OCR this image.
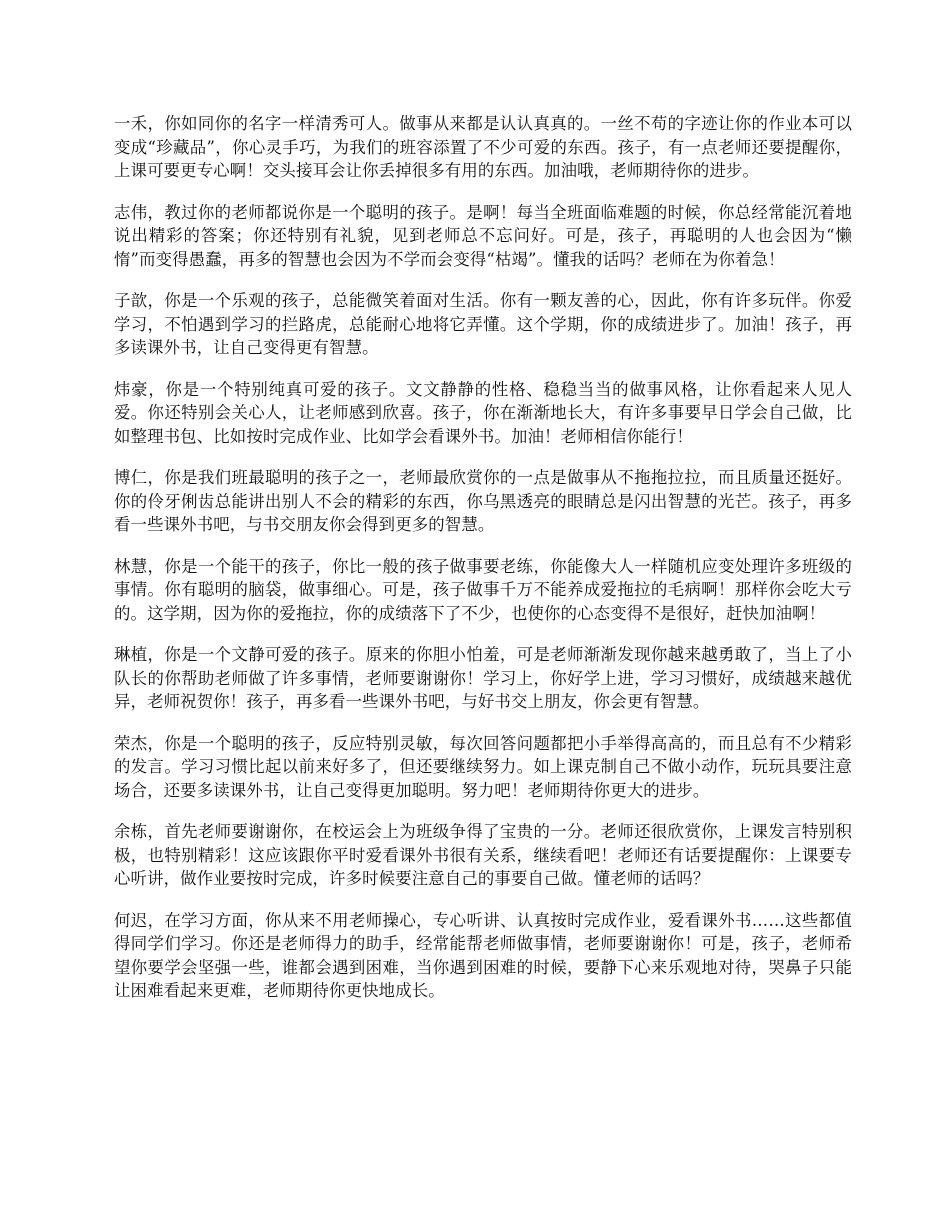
一禾，你如同你的名字一样清秀可人。做事从来都是认认真真的。一丝不苟的字迹让你的作业本可以变成“珍藏品”，你心灵手巧，为我们的班容添置了不少可爱的东西。孩子，有一点老师还要提醒你，上课可要更专心啊！交头接耳会让你丢掉很多有用的东西。加油哦，老师期待你的进步。

志伟，教过你的老师都说你是一个聪明的孩子。是啊！每当全班面临难题的时候，你总经常能沉着地说出精彩的答案；你还特别有礼貌，见到老师总不忘问好。可是，孩子，再聪明的人也会因为“懒惰”而变得愚蠢，再多的智慧也会因为不学而会变得“枯竭”。懂我的话吗？老师在为你着急！

子歆，你是一个乐观的孩子，总能微笑着面对生活。你有一颗友善的心，因此，你有许多玩伴。你爱学习，不怕遇到学习的拦路虎，总能耐心地将它弄懂。这个学期，你的成绩进步了。加油！孩子，再多读课外书，让自己变得更有智慧。

炜豪，你是一个特别纯真可爱的孩子。文文静静的性格、稳稳当当的做事风格，让你看起来人见人爱。你还特别会关心人，让老师感到欣喜。孩子，你在渐渐地长大，有许多事要早日学会自己做，比如整理书包、比如按时完成作业、比如学会看课外书。加油！老师相信你能行！

博仁，你是我们班最聪明的孩子之一，老师最欣赏你的一点是做事从不拖拖拉拉，而且质量还挺好。你的伶牙俐齿总能讲出别人不会的精彩的东西，你乌黑透亮的眼睛总是闪出智慧的光芒。孩子，再多看一些课外书吧，与书交朋友你会得到更多的智慧。

林慧，你是一个能干的孩子，你比一般的孩子做事要老练，你能像大人一样随机应变处理许多班级的事情。你有聪明的脑袋，做事细心。可是，孩子做事千万不能养成爱拖拉的毛病啊！那样你会吃大亏的。这学期，因为你的爱拖拉，你的成绩落下了不少，也使你的心态变得不是很好，赶快加油啊！

琳植，你是一个文静可爱的孩子。原来的你胆小怕羞，可是老师渐渐发现你越来越勇敢了，当上了小队长的你帮助老师做了许多事情，老师要谢谢你！学习上，你好学上进，学习习惯好，成绩越来越优异，老师祝贺你！孩子，再多看一些课外书吧，与好书交上朋友，你会更有智慧。

荣杰，你是一个聪明的孩子，反应特别灵敏，每次回答问题都把小手举得高高的，而且总有不少精彩的发言。学习习惯比起以前来好多了，但还要继续努力。如上课克制自己不做小动作，玩玩具要注意场合，还要多读课外书，让自己变得更加聪明。努力吧！老师期待你更大的进步。

余栋，首先老师要谢谢你，在校运会上为班级争得了宝贵的一分。老师还很欣赏你，上课发言特别积极，也特别精彩！这应该跟你平时爱看课外书很有关系，继续看吧！老师还有话要提醒你：上课要专心听讲，做作业要按时完成，许多时候要注意自己的事要自己做。懂老师的话吗？

何迟，在学习方面，你从来不用老师操心，专心听讲、认真按时完成作业，爱看课外书……这些都值得同学们学习。你还是老师得力的助手，经常能帮老师做事情，老师要谢谢你！可是，孩子，老师希望你要学会坚强一些，谁都会遇到困难，当你遇到困难的时候，要静下心来乐观地对待，哭鼻子只能让困难看起来更难，老师期待你更快地成长。
